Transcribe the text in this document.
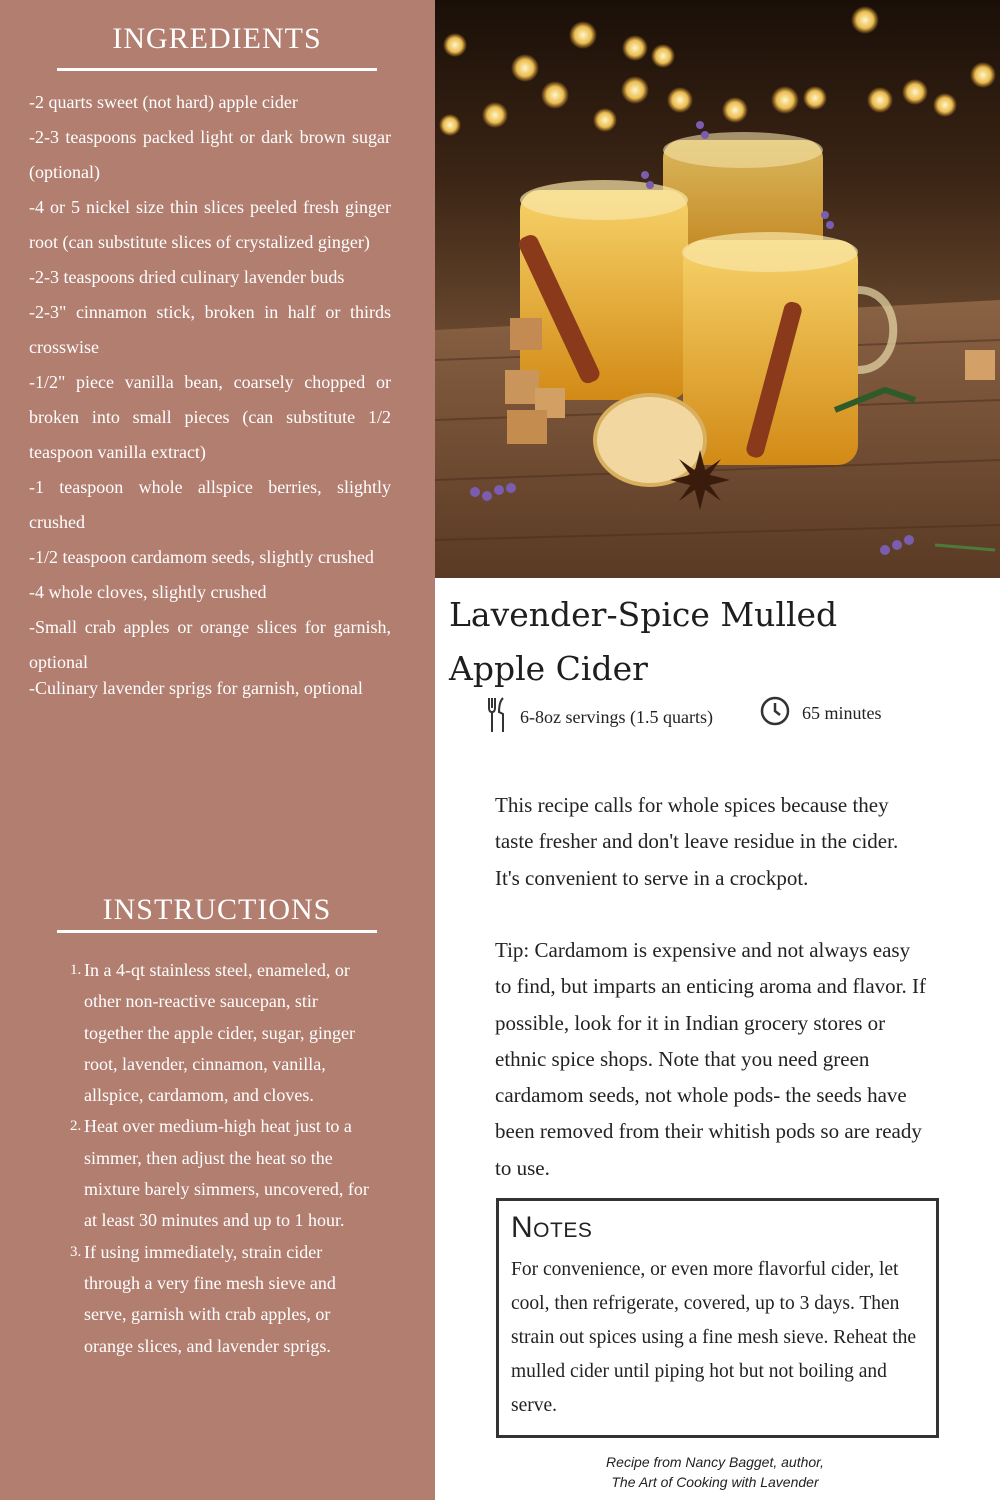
INGREDIENTS
-2 quarts sweet (not hard) apple cider
-2-3 teaspoons packed light or dark brown sugar (optional)
-4 or 5 nickel size thin slices peeled fresh ginger root (can substitute slices of crystalized ginger)
-2-3 teaspoons dried culinary lavender buds
-2-3" cinnamon stick, broken in half or thirds crosswise
-1/2" piece vanilla bean, coarsely chopped or broken into small pieces (can substitute 1/2 teaspoon vanilla extract)
-1 teaspoon whole allspice berries, slightly crushed
-1/2 teaspoon cardamom seeds, slightly crushed
-4 whole cloves, slightly crushed
-Small crab apples or orange slices for garnish, optional
-Culinary lavender sprigs for garnish, optional
INSTRUCTIONS
1. In a 4-qt stainless steel, enameled, or other non-reactive saucepan, stir together the apple cider, sugar, ginger root, lavender, cinnamon, vanilla, allspice, cardamom, and cloves.
2. Heat over medium-high heat just to a simmer, then adjust the heat so the mixture barely simmers, uncovered, for at least 30 minutes and up to 1 hour.
3. If using immediately, strain cider through a very fine mesh sieve and serve, garnish with crab apples, or orange slices, and lavender sprigs.
Lavender-Spice Mulled
Apple Cider
6-8oz servings (1.5 quarts)	65 minutes

This recipe calls for whole spices because they taste fresher and don't leave residue in the cider. It's convenient to serve in a crockpot.

Tip: Cardamom is expensive and not always easy to find, but imparts an enticing aroma and flavor. If possible, look for it in Indian grocery stores or ethnic spice shops. Note that you need green cardamom seeds, not whole pods- the seeds have been removed from their whitish pods so are ready to use.

Notes
For convenience, or even more flavorful cider, let cool, then refrigerate, covered, up to 3 days. Then strain out spices using a fine mesh sieve. Reheat the mulled cider until piping hot but not boiling and serve.
Recipe from Nancy Bagget, author,
The Art of Cooking with Lavender
